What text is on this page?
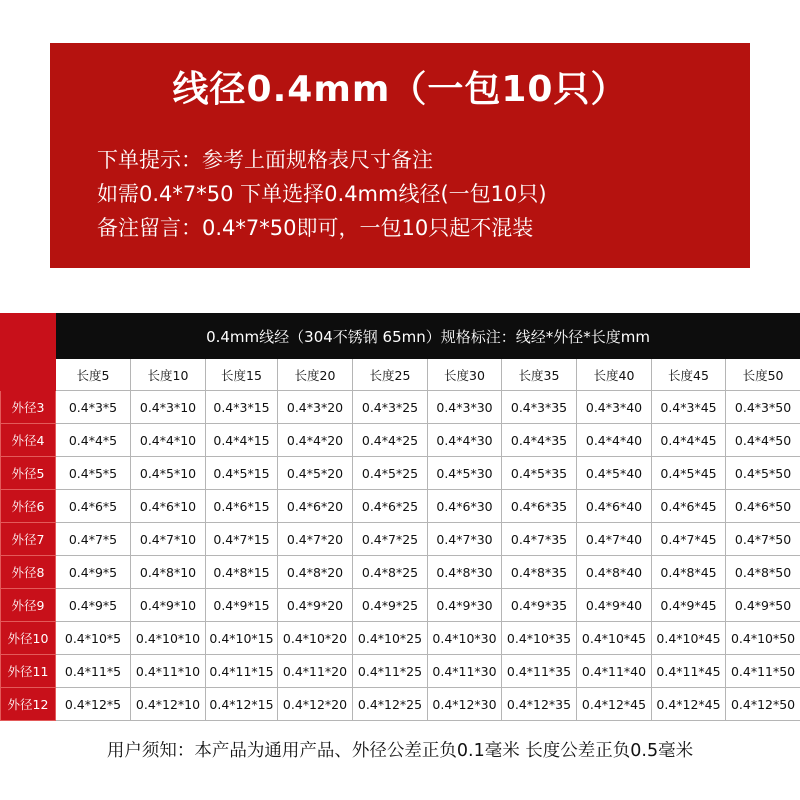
线径0.4mm（一包10只）
下单提示：参考上面规格表尺寸备注
如需0.4*7*50 下单选择0.4mm线径(一包10只)
备注留言：0.4*7*50即可，一包10只起不混装
	0.4mm线经（304不锈钢 65mn）规格标注：线经*外径*长度mm									
	长度5	长度10	长度15	长度20	长度25	长度30	长度35	长度40	长度45	长度50
外径3	0.4*3*5	0.4*3*10	0.4*3*15	0.4*3*20	0.4*3*25	0.4*3*30	0.4*3*35	0.4*3*40	0.4*3*45	0.4*3*50
外径4	0.4*4*5	0.4*4*10	0.4*4*15	0.4*4*20	0.4*4*25	0.4*4*30	0.4*4*35	0.4*4*40	0.4*4*45	0.4*4*50
外径5	0.4*5*5	0.4*5*10	0.4*5*15	0.4*5*20	0.4*5*25	0.4*5*30	0.4*5*35	0.4*5*40	0.4*5*45	0.4*5*50
外径6	0.4*6*5	0.4*6*10	0.4*6*15	0.4*6*20	0.4*6*25	0.4*6*30	0.4*6*35	0.4*6*40	0.4*6*45	0.4*6*50
外径7	0.4*7*5	0.4*7*10	0.4*7*15	0.4*7*20	0.4*7*25	0.4*7*30	0.4*7*35	0.4*7*40	0.4*7*45	0.4*7*50
外径8	0.4*9*5	0.4*8*10	0.4*8*15	0.4*8*20	0.4*8*25	0.4*8*30	0.4*8*35	0.4*8*40	0.4*8*45	0.4*8*50
外径9	0.4*9*5	0.4*9*10	0.4*9*15	0.4*9*20	0.4*9*25	0.4*9*30	0.4*9*35	0.4*9*40	0.4*9*45	0.4*9*50
外径10	0.4*10*5	0.4*10*10	0.4*10*15	0.4*10*20	0.4*10*25	0.4*10*30	0.4*10*35	0.4*10*45	0.4*10*45	0.4*10*50
外径11	0.4*11*5	0.4*11*10	0.4*11*15	0.4*11*20	0.4*11*25	0.4*11*30	0.4*11*35	0.4*11*40	0.4*11*45	0.4*11*50
外径12	0.4*12*5	0.4*12*10	0.4*12*15	0.4*12*20	0.4*12*25	0.4*12*30	0.4*12*35	0.4*12*45	0.4*12*45	0.4*12*50
用户须知：本产品为通用产品、外径公差正负0.1毫米 长度公差正负0.5毫米
